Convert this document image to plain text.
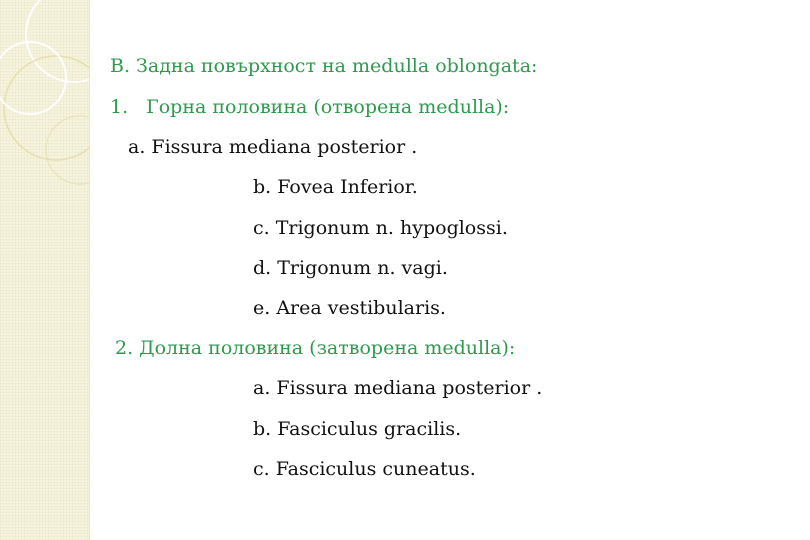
B. Задна повърхност на medulla oblongata:
1. Горна половина (отворена medulla):
a. Fissura mediana posterior .
b. Fovea Inferior.
c. Trigonum n. hypoglossi.
d. Trigonum n. vagi.
e. Area vestibularis.
2. Долна половина (затворена medulla):
a. Fissura mediana posterior .
b. Fasciculus gracilis.
c. Fasciculus cuneatus.
